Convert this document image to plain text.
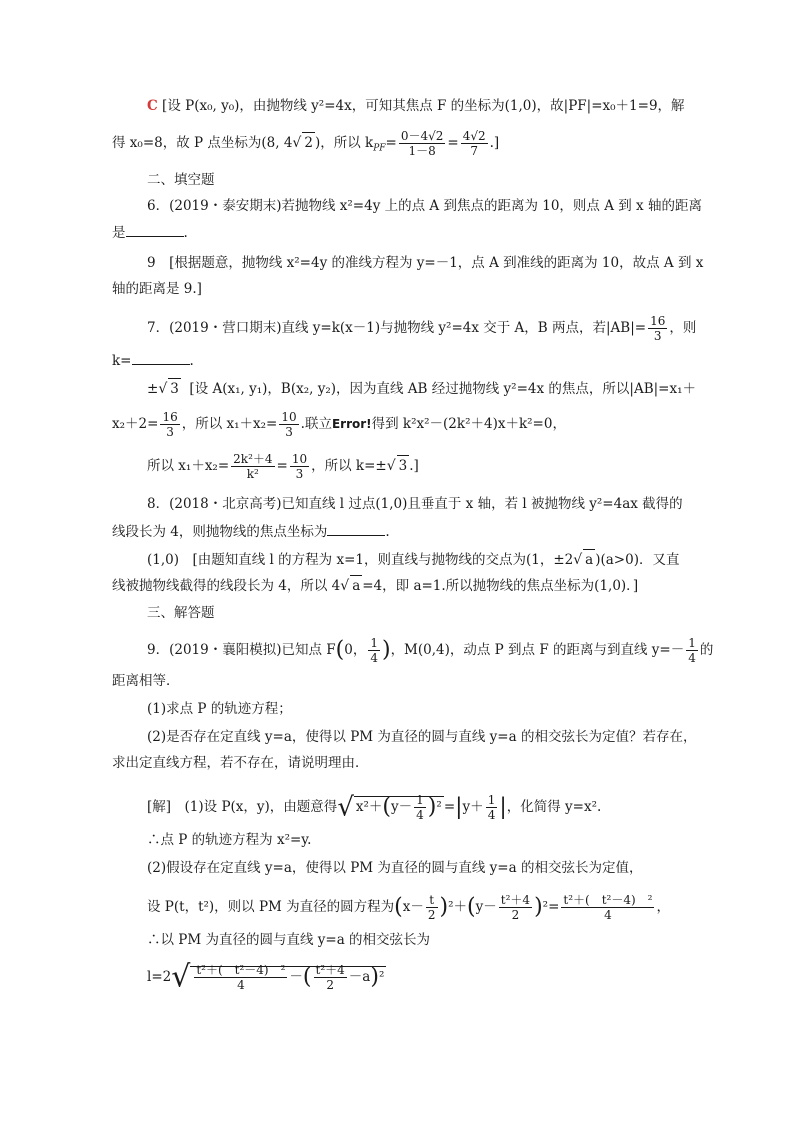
C [设 P(x₀, y₀)，由抛物线 y²=4x，可知其焦点 F 的坐标为(1,0)，故|PF|=x₀＋1=9，解
得 x₀=8，故 P 点坐标为(8, 4√ 2 )，所以 $k_{PF}= \frac{0-4√2}{1-8} = \frac{4√2}{7}$ .]
二、填空题
6．(2019・泰安期末)若抛物线 x²=4y 上的点 A 到焦点的距离为 10，则点 A 到 x 轴的距离
是	.
9　[根据题意，抛物线 x²=4y 的准线方程为 y=－1，点 A 到准线的距离为 10，故点 A 到 x
轴的距离是 9.]
7．(2019・营口期末)直线 y=k(x－1)与抛物线 y²=4x 交于 A，B 两点，若$|AB|= \frac{16}{3}$ ，则
k=	.
±√ 3 [设 A(x₁, y₁)，B(x₂, y₂)，因为直线 AB 经过抛物线 y²=4x 的焦点，所以|AB|=x₁＋
$x_2+2= \frac{16}{3}$ ，所以 $x_1+x_2= \frac{10}{3}$ .联立Error!得到 k²x²－(2k²＋4)x＋k²=0，
所以 $x_1+x_2= \frac{\text{2k²＋4}}{\text{k²}} = \frac{10}{3}$ ，所以 k=±√ 3 .]
8．(2018・北京高考)已知直线 l 过点(1,0)且垂直于 x 轴，若 l 被抛物线 y²=4ax 截得的
线段长为 4，则抛物线的焦点坐标为	.
(1,0)　[由题知直线 l 的方程为 x=1，则直线与抛物线的交点为(1，±2√ a )(a>0)．又直
线被抛物线截得的线段长为 4，所以 4√ a =4，即 a=1.所以抛物线的焦点坐标为(1,0)．]
三、解答题
9．(2019・襄阳模拟)已知点 F(0， $\frac{1}{4}$ )，M(0,4)，动点 P 到点 F 的距离与到直线 $y=- \frac{1}{4}$ 的
距离相等．
(1)求点 P 的轨迹方程；
(2)是否存在定直线 y=a，使得以 PM 为直径的圆与直线 y=a 的相交弦长为定值？若存在，
求出定直线方程，若不存在，请说明理由．
[解]　(1)设 P(x，y)，由题意得√ $x^2+(y- \frac{1}{4} )^2 =|y+ \frac{1}{4}$ |，化简得 y=x².
∴点 P 的轨迹方程为 x²=y.
(2)假设存在定直线 y=a，使得以 PM 为直径的圆与直线 y=a 的相交弦长为定值，
设 P(t，t²)，则以 PM 为直径的圆方程为$(x- \frac{t}{2} )^2+(y- \frac{\text{t²＋4}}{2} )^2= \frac{\text{t²＋(　t²－4)　²}}{4}$ ，
∴以 PM 为直径的圆与直线 y=a 的相交弦长为
$l=2√ \frac{\text{t²＋(　t²－4)　²}}{4}$ －( $\frac{\text{t²＋4}}{2} -a)^2$
